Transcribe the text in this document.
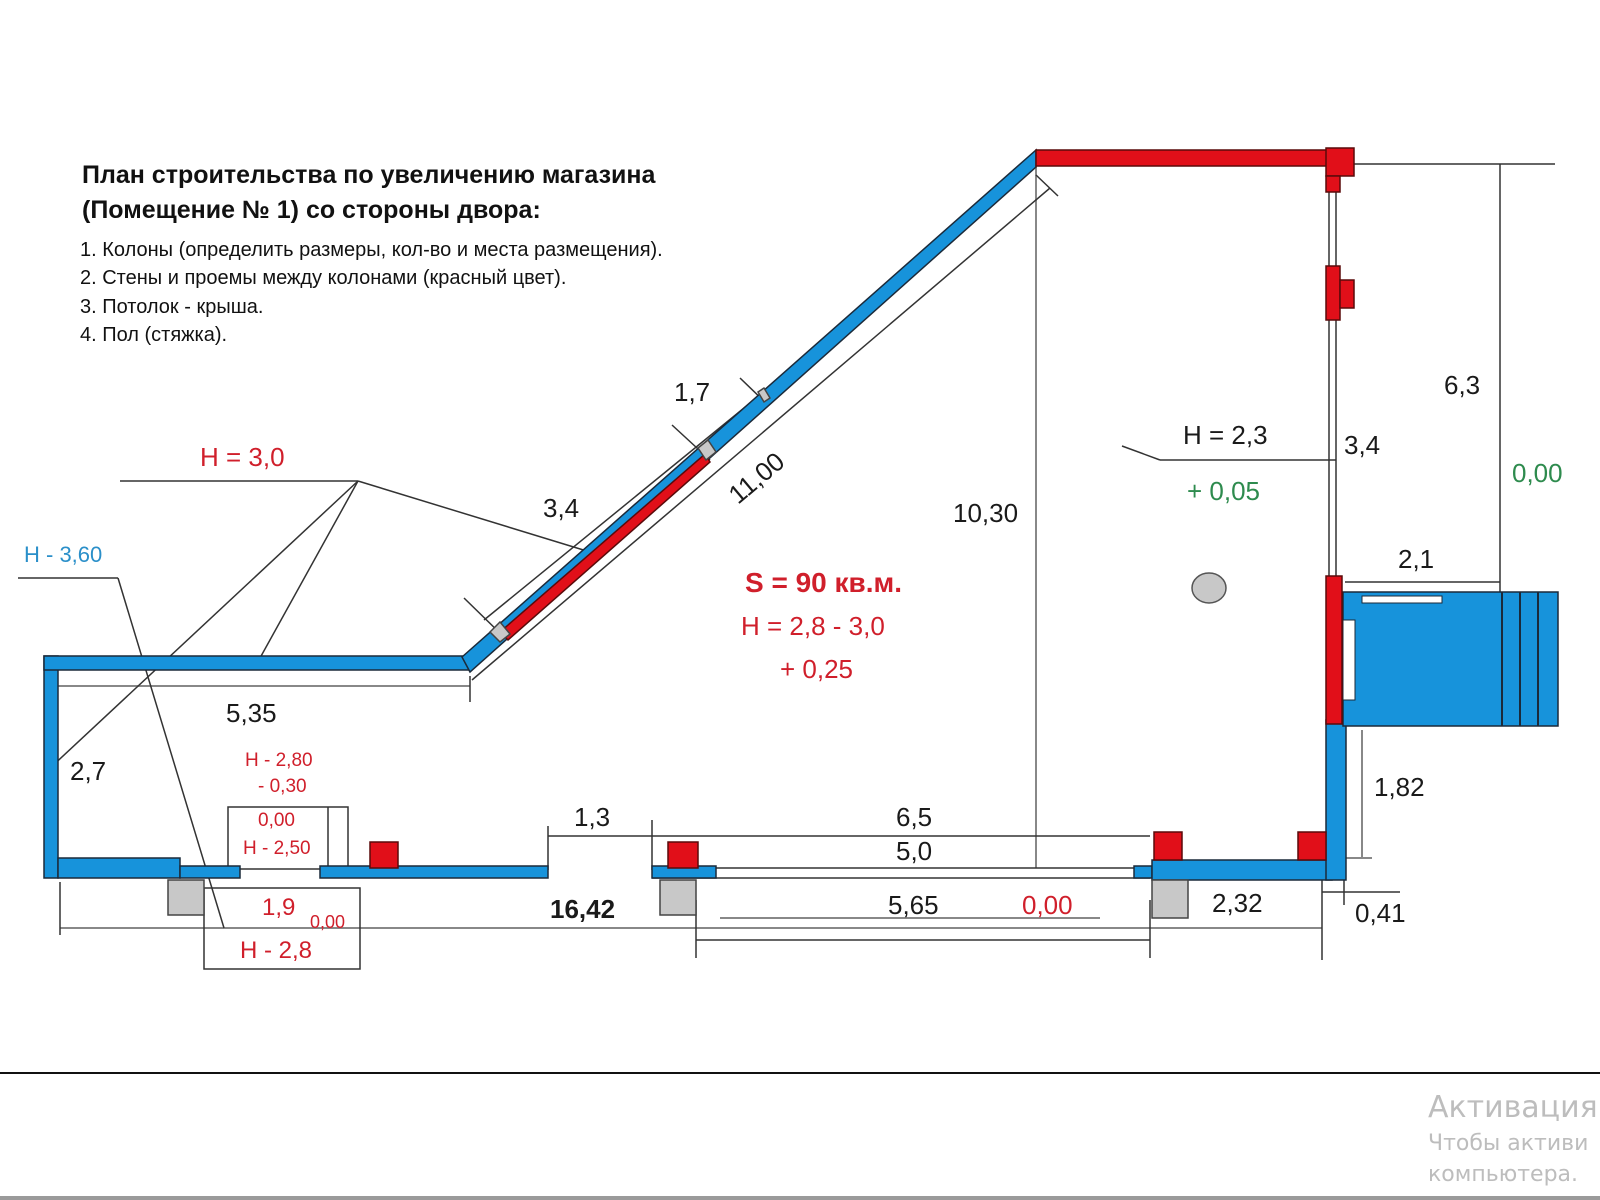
План строительства по увеличению магазина
(Помещение № 1) со стороны двора:
1. Колоны (определить размеры, кол-во и места размещения).
2. Стены и проемы между колонами (красный цвет).
3. Потолок - крыша.
4. Пол (стяжка).
H = 3,0
H - 3,60
S = 90 кв.м.
H = 2,8 - 3,0
+ 0,25
H = 2,3
+ 0,05
0,00
H - 2,80
- 0,30
0,00
H - 2,50
1,9
0,00
H - 2,8
0,00
1,7
3,4	11,00
10,30
6,3
3,4
2,1
1,82
0,41
2,32
5,65
16,42
1,3	6,5
5,0
5,35
2,7
Активация
Чтобы активи
компьютера.
